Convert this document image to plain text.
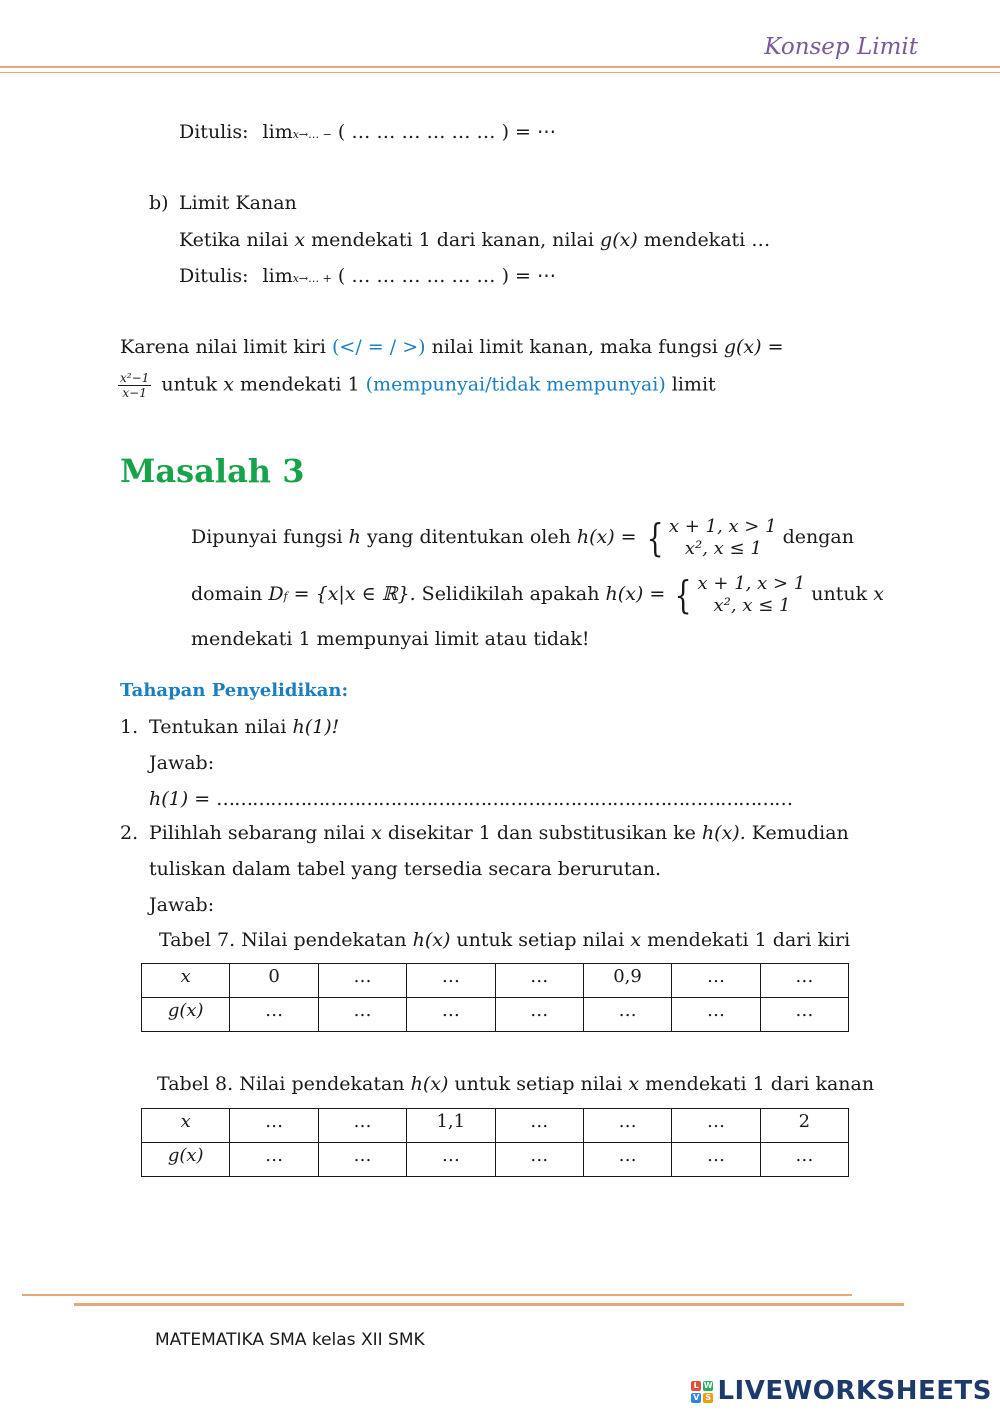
Konsep Limit
Ditulis: limx→… − ( … … … … … … ) = ⋯
b) Limit Kanan
Ketika nilai x mendekati 1 dari kanan, nilai g(x) mendekati …
Ditulis: limx→… + ( … … … … … … ) = ⋯
Karena nilai limit kiri (</ = / >) nilai limit kanan, maka fungsi g(x) =
$\frac{\text{x²−1}}{x-1}$ untuk x mendekati 1 (mempunyai/tidak mempunyai) limit
Masalah 3
Dipunyai fungsi h yang ditentukan oleh h(x) = { x + 1, x > 1
x², x ≤ 1
dengan
domain Df = {x|x ∈ ℝ}. Selidikilah apakah h(x) = { x + 1, x > 1
x², x ≤ 1
untuk x
mendekati 1 mempunyai limit atau tidak!
Tahapan Penyelidikan:
1. Tentukan nilai h(1)!
Jawab:
h(1) = ……………………………………………………………………………………
2. Pilihlah sebarang nilai x disekitar 1 dan substitusikan ke h(x). Kemudian
tuliskan dalam tabel yang tersedia secara berurutan.
Jawab:
Tabel 7. Nilai pendekatan h(x) untuk setiap nilai x mendekati 1 dari kiri
x	0	…	…	…	0,9	…	…
g(x)	…	…	…	…	…	…	…
Tabel 8. Nilai pendekatan h(x) untuk setiap nilai x mendekati 1 dari kanan
x	…	…	1,1	…	…	…	2
g(x)	…	…	…	…	…	…	…
MATEMATIKA SMA kelas XII SMK
L W
V S LIVEWORKSHEETS
